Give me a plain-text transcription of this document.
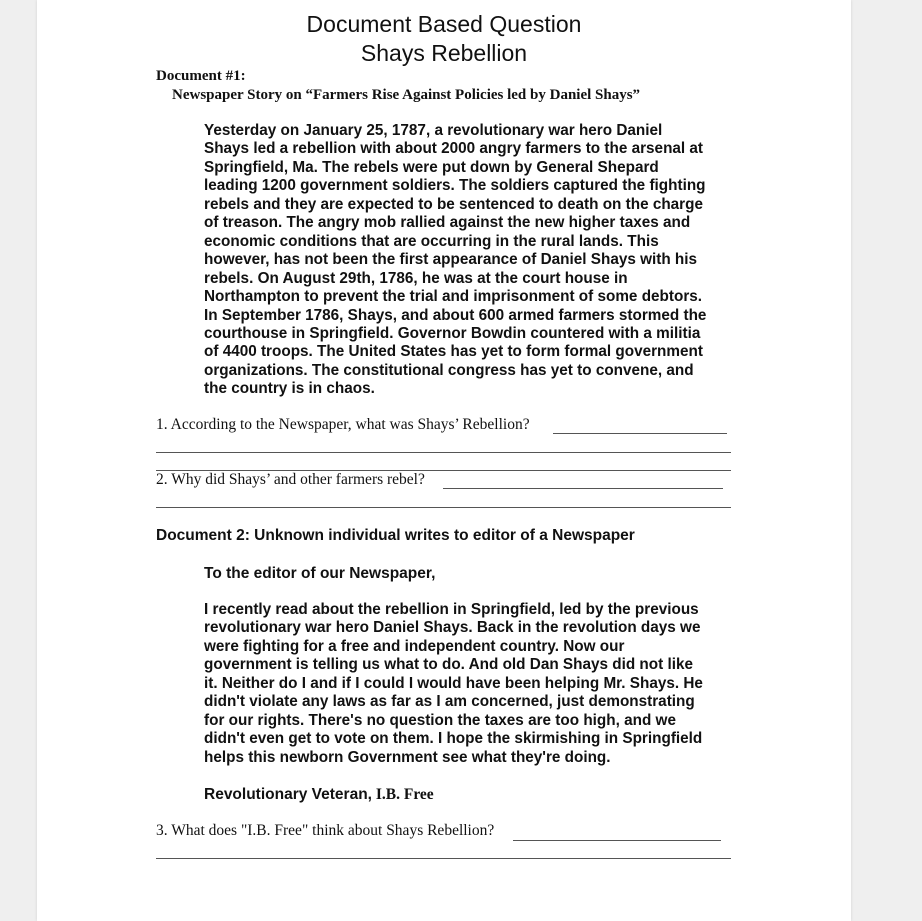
Document Based Question
Shays Rebellion
Document #1:
Newspaper Story on “Farmers Rise Against Policies led by Daniel Shays”
Yesterday on January 25, 1787, a revolutionary war hero Daniel
Shays led a rebellion with about 2000 angry farmers to the arsenal at
Springfield, Ma. The rebels were put down by General Shepard
leading 1200 government soldiers. The soldiers captured the fighting
rebels and they are expected to be sentenced to death on the charge
of treason. The angry mob rallied against the new higher taxes and
economic conditions that are occurring in the rural lands. This
however, has not been the first appearance of Daniel Shays with his
rebels. On August 29th, 1786, he was at the court house in
Northampton to prevent the trial and imprisonment of some debtors.
In September 1786, Shays, and about 600 armed farmers stormed the
courthouse in Springfield. Governor Bowdin countered with a militia
of 4400 troops. The United States has yet to form formal government
organizations. The constitutional congress has yet to convene, and
the country is in chaos.
1. According to the Newspaper, what was Shays’ Rebellion?
2. Why did Shays’ and other farmers rebel?
Document 2: Unknown individual writes to editor of a Newspaper
To the editor of our Newspaper,
I recently read about the rebellion in Springfield, led by the previous
revolutionary war hero Daniel Shays. Back in the revolution days we
were fighting for a free and independent country. Now our
government is telling us what to do. And old Dan Shays did not like
it. Neither do I and if I could I would have been helping Mr. Shays. He
didn't violate any laws as far as I am concerned, just demonstrating
for our rights. There's no question the taxes are too high, and we
didn't even get to vote on them. I hope the skirmishing in Springfield
helps this newborn Government see what they're doing.
Revolutionary Veteran, I.B. Free
3. What does "I.B. Free" think about Shays Rebellion?
